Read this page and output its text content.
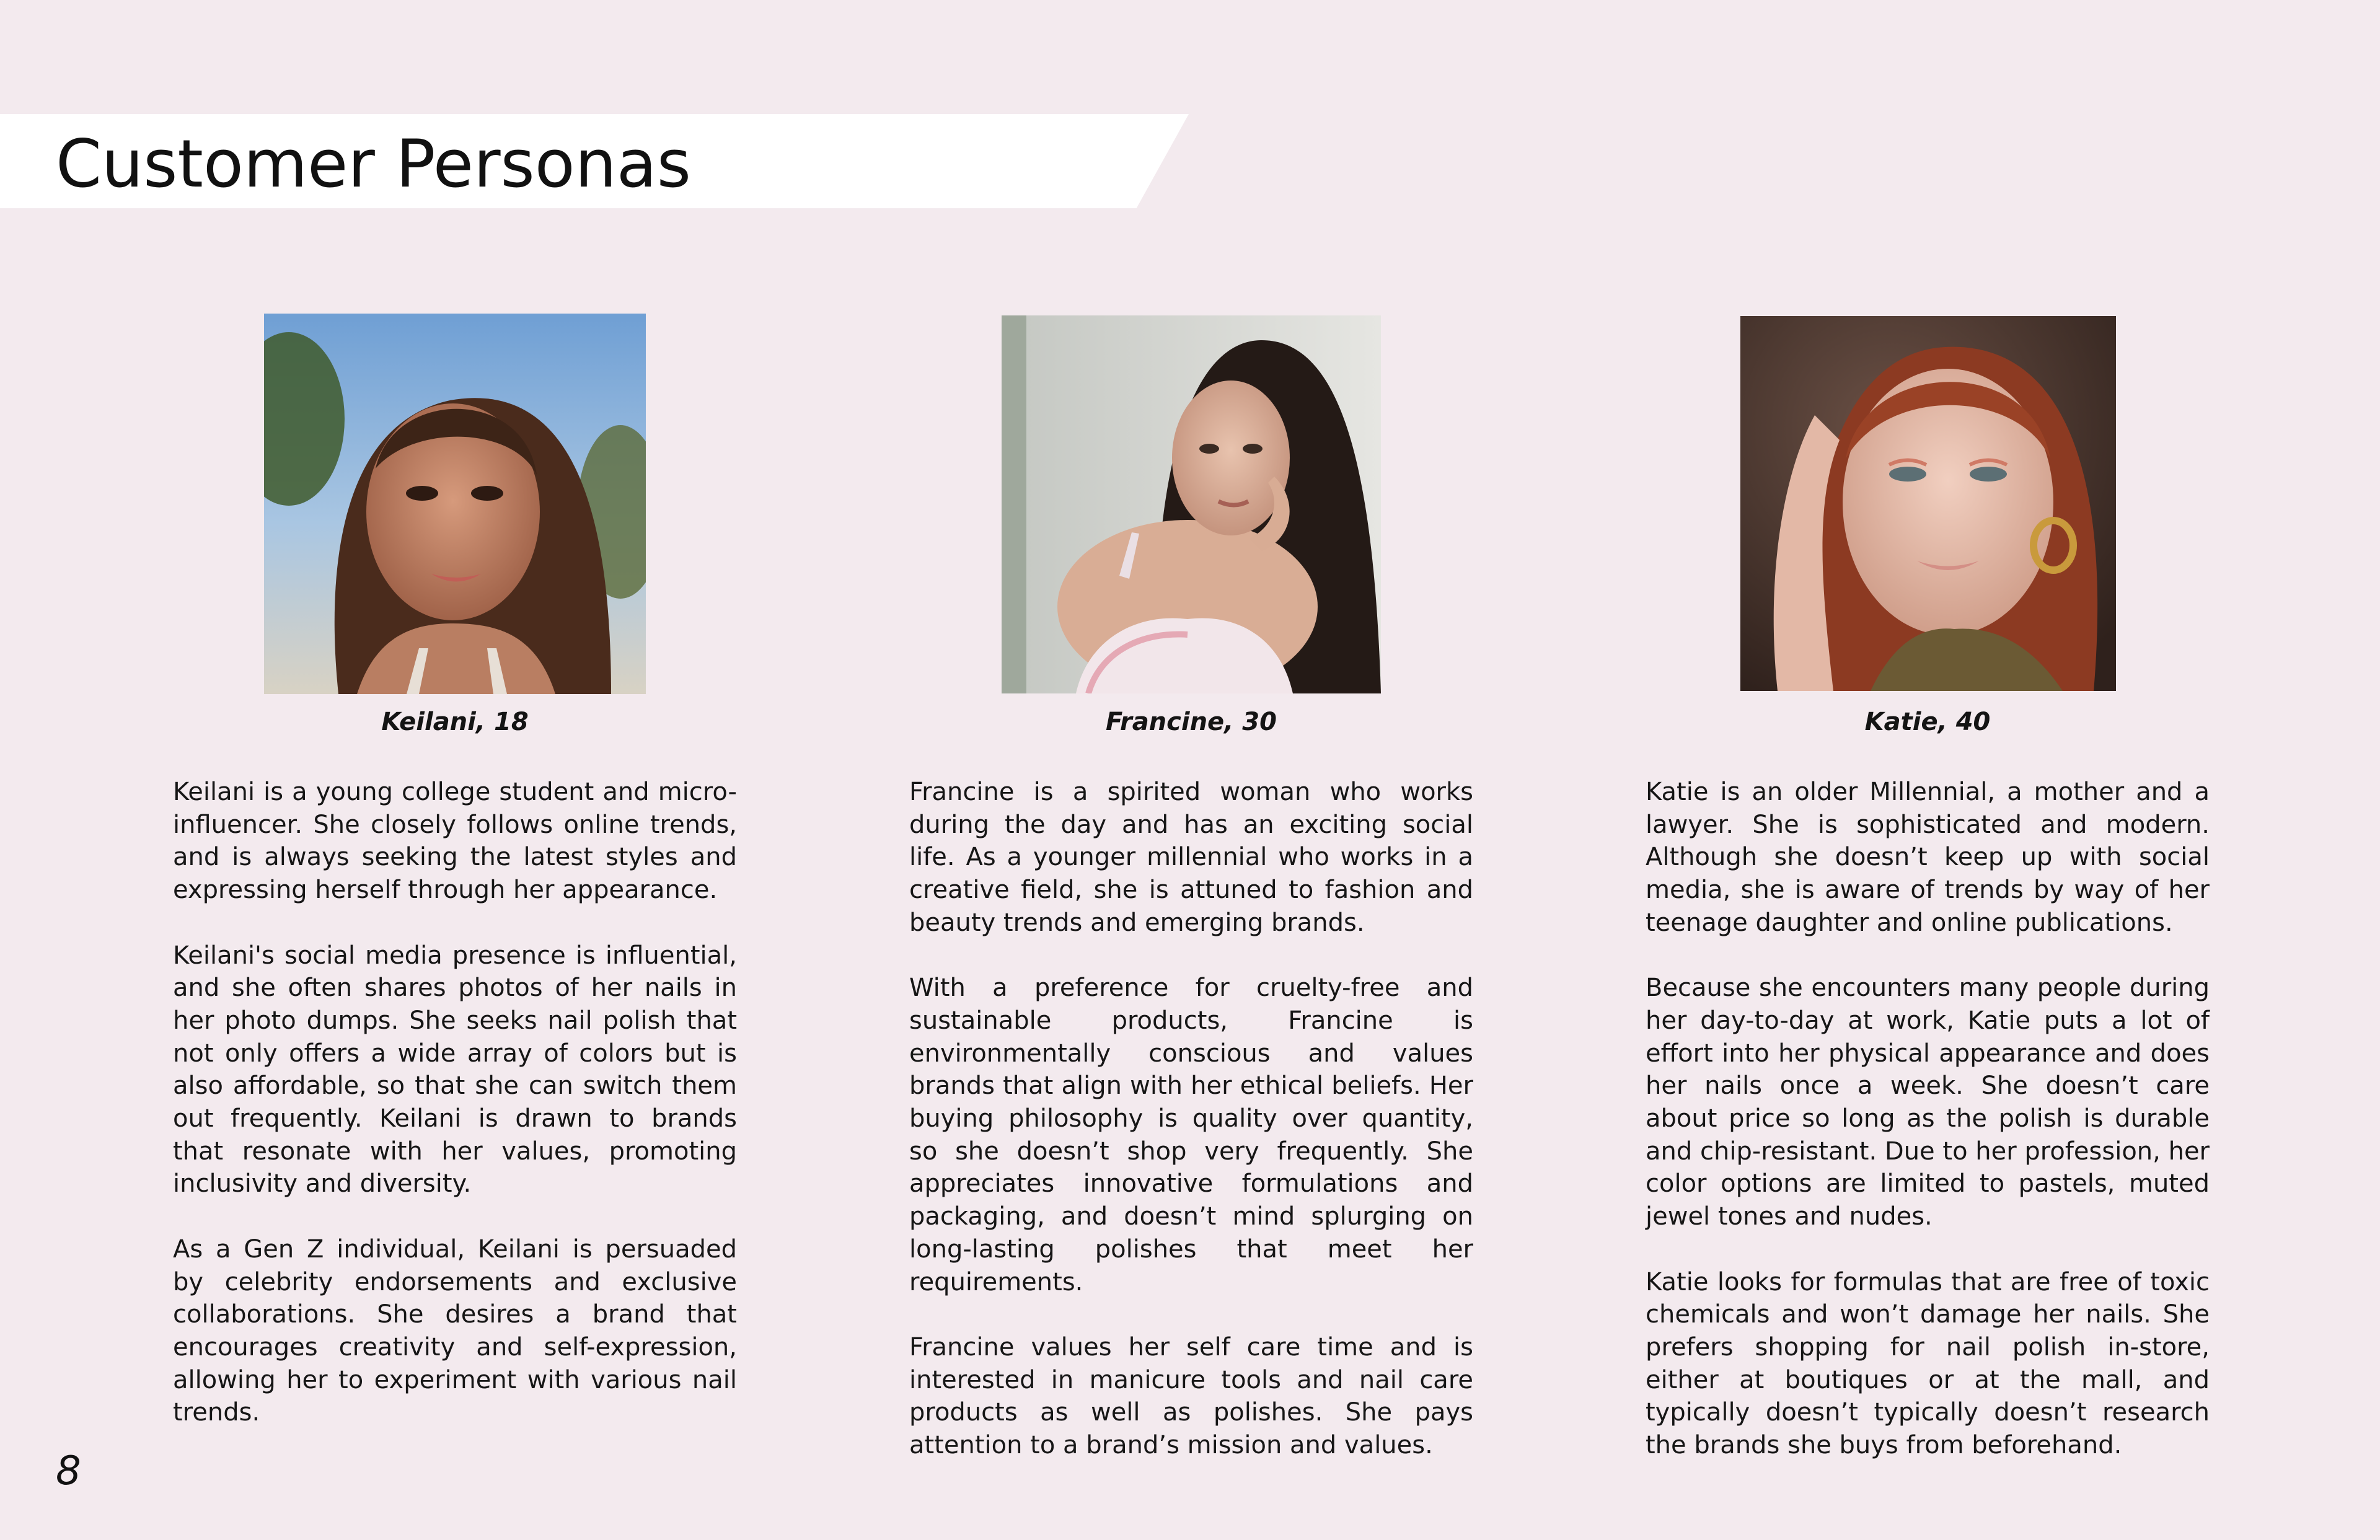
Customer Personas
Keilani, 18

Keilani is a young college student and micro-influencer. She closely follows online trends, and is always seeking the latest styles and expressing herself through her appearance.

Keilani's social media presence is influential, and she often shares photos of her nails in her photo dumps. She seeks nail polish that not only offers a wide array of colors but is also affordable, so that she can switch them out frequently. Keilani is drawn to brands that resonate with her values, promoting inclusivity and diversity.

As a Gen Z individual, Keilani is persuaded by celebrity endorsements and exclusive collaborations. She desires a brand that encourages creativity and self-expression, allowing her to experiment with various nail trends.

Francine, 30

Francine is a spirited woman who works during the day and has an exciting social life. As a younger millennial who works in a creative field, she is attuned to fashion and beauty trends and emerging brands.

With a preference for cruelty-free and sustainable products, Francine is environmentally conscious and values brands that align with her ethical beliefs. Her buying philosophy is quality over quantity, so she doesn’t shop very frequently. She appreciates innovative formulations and packaging, and doesn’t mind splurging on long-lasting polishes that meet her requirements.

Francine values her self care time and is interested in manicure tools and nail care products as well as polishes. She pays attention to a brand’s mission and values.

Katie, 40

Katie is an older Millennial, a mother and a lawyer. She is sophisticated and modern. Although she doesn’t keep up with social media, she is aware of trends by way of her teenage daughter and online publications.

Because she encounters many people during her day-to-day at work, Katie puts a lot of effort into her physical appearance and does her nails once a week. She doesn’t care about price so long as the polish is durable and chip-resistant. Due to her profession, her color options are limited to pastels, muted jewel tones and nudes.

Katie looks for formulas that are free of toxic chemicals and won’t damage her nails. She prefers shopping for nail polish in-store, either at boutiques or at the mall, and typically doesn’t typically doesn’t research the brands she buys from beforehand.

8
